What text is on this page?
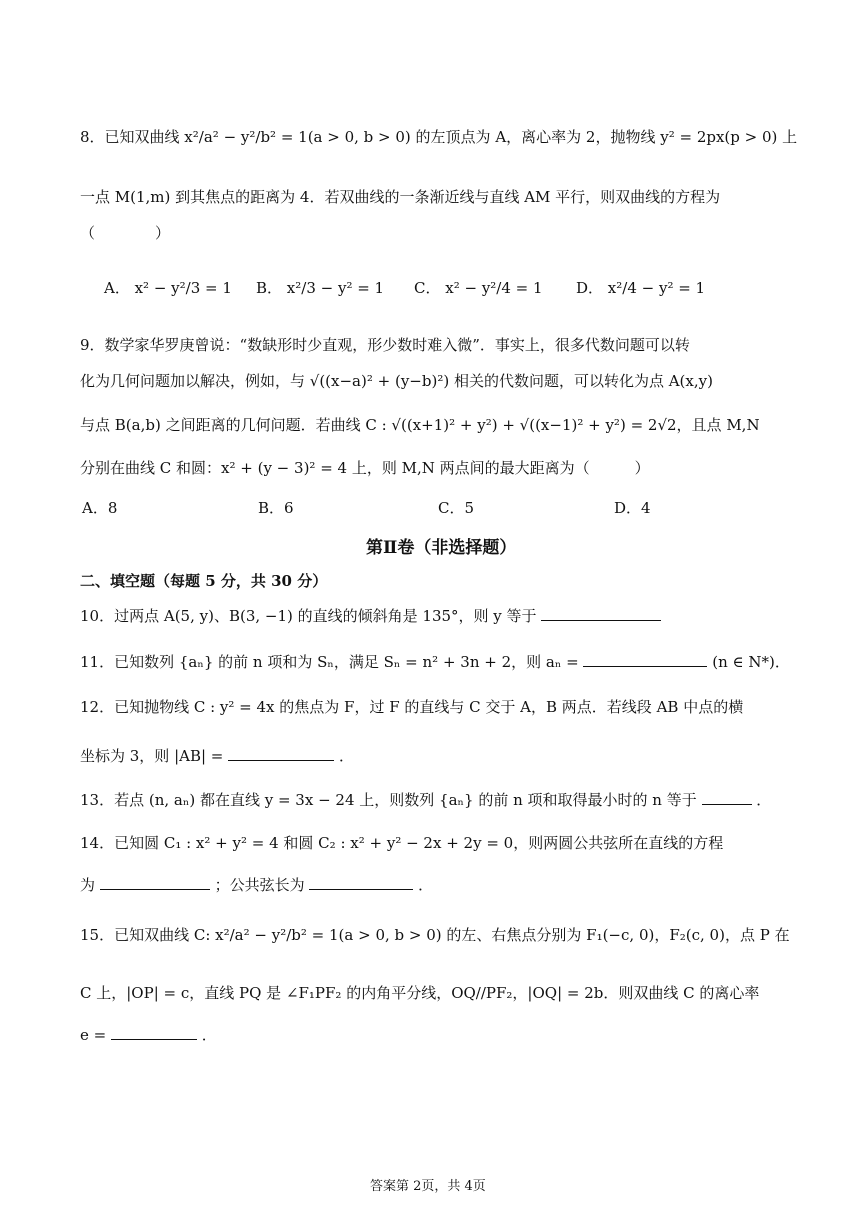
8．已知双曲线 x²/a² − y²/b² = 1(a > 0, b > 0) 的左顶点为 A，离心率为 2，抛物线 y² = 2px(p > 0) 上
一点 M(1,m) 到其焦点的距离为 4．若双曲线的一条渐近线与直线 AM 平行，则双曲线的方程为
（　　　　）
A． x² − y²/3 = 1 B． x²/3 − y² = 1 C． x² − y²/4 = 1 D． x²/4 − y² = 1
9．数学家华罗庚曾说：“数缺形时少直观，形少数时难入微”．事实上，很多代数问题可以转
化为几何问题加以解决，例如，与 √((x−a)² + (y−b)²) 相关的代数问题，可以转化为点 A(x,y)
与点 B(a,b) 之间距离的几何问题．若曲线 C : √((x+1)² + y²) + √((x−1)² + y²) = 2√2，且点 M,N
分别在曲线 C 和圆：x² + (y − 3)² = 4 上，则 M,N 两点间的最大距离为（　　　）
A．8	B．6	C．5	D．4
第Ⅱ卷（非选择题）
二、填空题（每题 5 分，共 30 分）
10．过两点 A(5, y)、B(3, −1) 的直线的倾斜角是 135°，则 y 等于
11．已知数列 {aₙ} 的前 n 项和为 Sₙ，满足 Sₙ = n² + 3n + 2，则 aₙ =	(n ∈ N*)．
12．已知抛物线 C : y² = 4x 的焦点为 F，过 F 的直线与 C 交于 A，B 两点．若线段 AB 中点的横
坐标为 3，则 |AB| =	．
13．若点 (n, aₙ) 都在直线 y = 3x − 24 上，则数列 {aₙ} 的前 n 项和取得最小时的 n 等于	．
14．已知圆 C₁ : x² + y² = 4 和圆 C₂ : x² + y² − 2x + 2y = 0，则两圆公共弦所在直线的方程
为	；公共弦长为	．
15．已知双曲线 C: x²/a² − y²/b² = 1(a > 0, b > 0) 的左、右焦点分别为 F₁(−c, 0)，F₂(c, 0)，点 P 在
C 上，|OP| = c，直线 PQ 是 ∠F₁PF₂ 的内角平分线，OQ//PF₂，|OQ| = 2b．则双曲线 C 的离心率
e =	．
答案第 2页，共 4页
